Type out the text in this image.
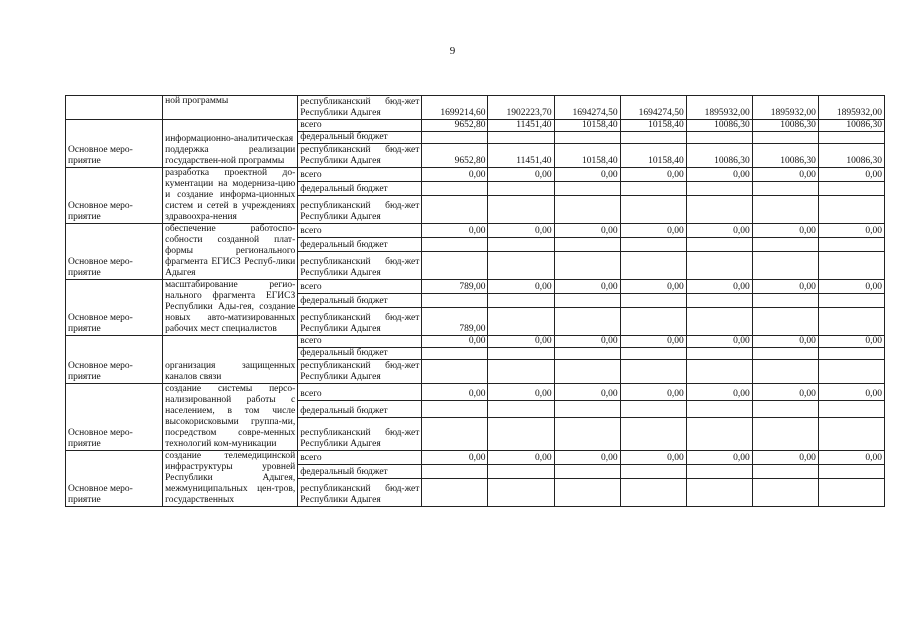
9
	ной программы	республиканский бюд-жет Республики Адыгея	1699214,60	1902223,70	1694274,50	1694274,50	1895932,00	1895932,00	1895932,00
Основное меро-приятие	информационно-аналитическая поддержка реализации государствен-ной программы	всего	9652,80	11451,40	10158,40	10158,40	10086,30	10086,30	10086,30
		федеральный бюджет							
		республиканский бюд-жет Республики Адыгея	9652,80	11451,40	10158,40	10158,40	10086,30	10086,30	10086,30
Основное меро-приятие	разработка проектной до-кументации на модерниза-цию и создание информа-ционных систем и сетей в учреждениях здравоохра-нения	всего	0,00	0,00	0,00	0,00	0,00	0,00	0,00
		федеральный бюджет							
		республиканский бюд-жет Республики Адыгея							
Основное меро-приятие	обеспечение работоспо-собности созданной плат-формы регионального фрагмента ЕГИСЗ Респуб-лики Адыгея	всего	0,00	0,00	0,00	0,00	0,00	0,00	0,00
		федеральный бюджет							
		республиканский бюд-жет Республики Адыгея							
Основное меро-приятие	масштабирование регио-нального фрагмента ЕГИСЗ Республики Ады-гея, создание новых авто-матизированных рабочих мест специалистов	всего	789,00	0,00	0,00	0,00	0,00	0,00	0,00
		федеральный бюджет							
		республиканский бюд-жет Республики Адыгея	789,00						
Основное меро-приятие	организация защищенных каналов связи	всего	0,00	0,00	0,00	0,00	0,00	0,00	0,00
		федеральный бюджет							
		республиканский бюд-жет Республики Адыгея							
Основное меро-приятие	создание системы персо-нализированной работы с населением, в том числе высокорисковыми группа-ми, посредством совре-менных технологий ком-муникации	всего	0,00	0,00	0,00	0,00	0,00	0,00	0,00
		федеральный бюджет							
		республиканский бюд-жет Республики Адыгея							
Основное меро-приятие	создание телемедицинской инфраструктуры уровней Республики Адыгея, межмуниципальных цен-тров, государственных	всего	0,00	0,00	0,00	0,00	0,00	0,00	0,00
		федеральный бюджет							
		республиканский бюд-жет Республики Адыгея							
